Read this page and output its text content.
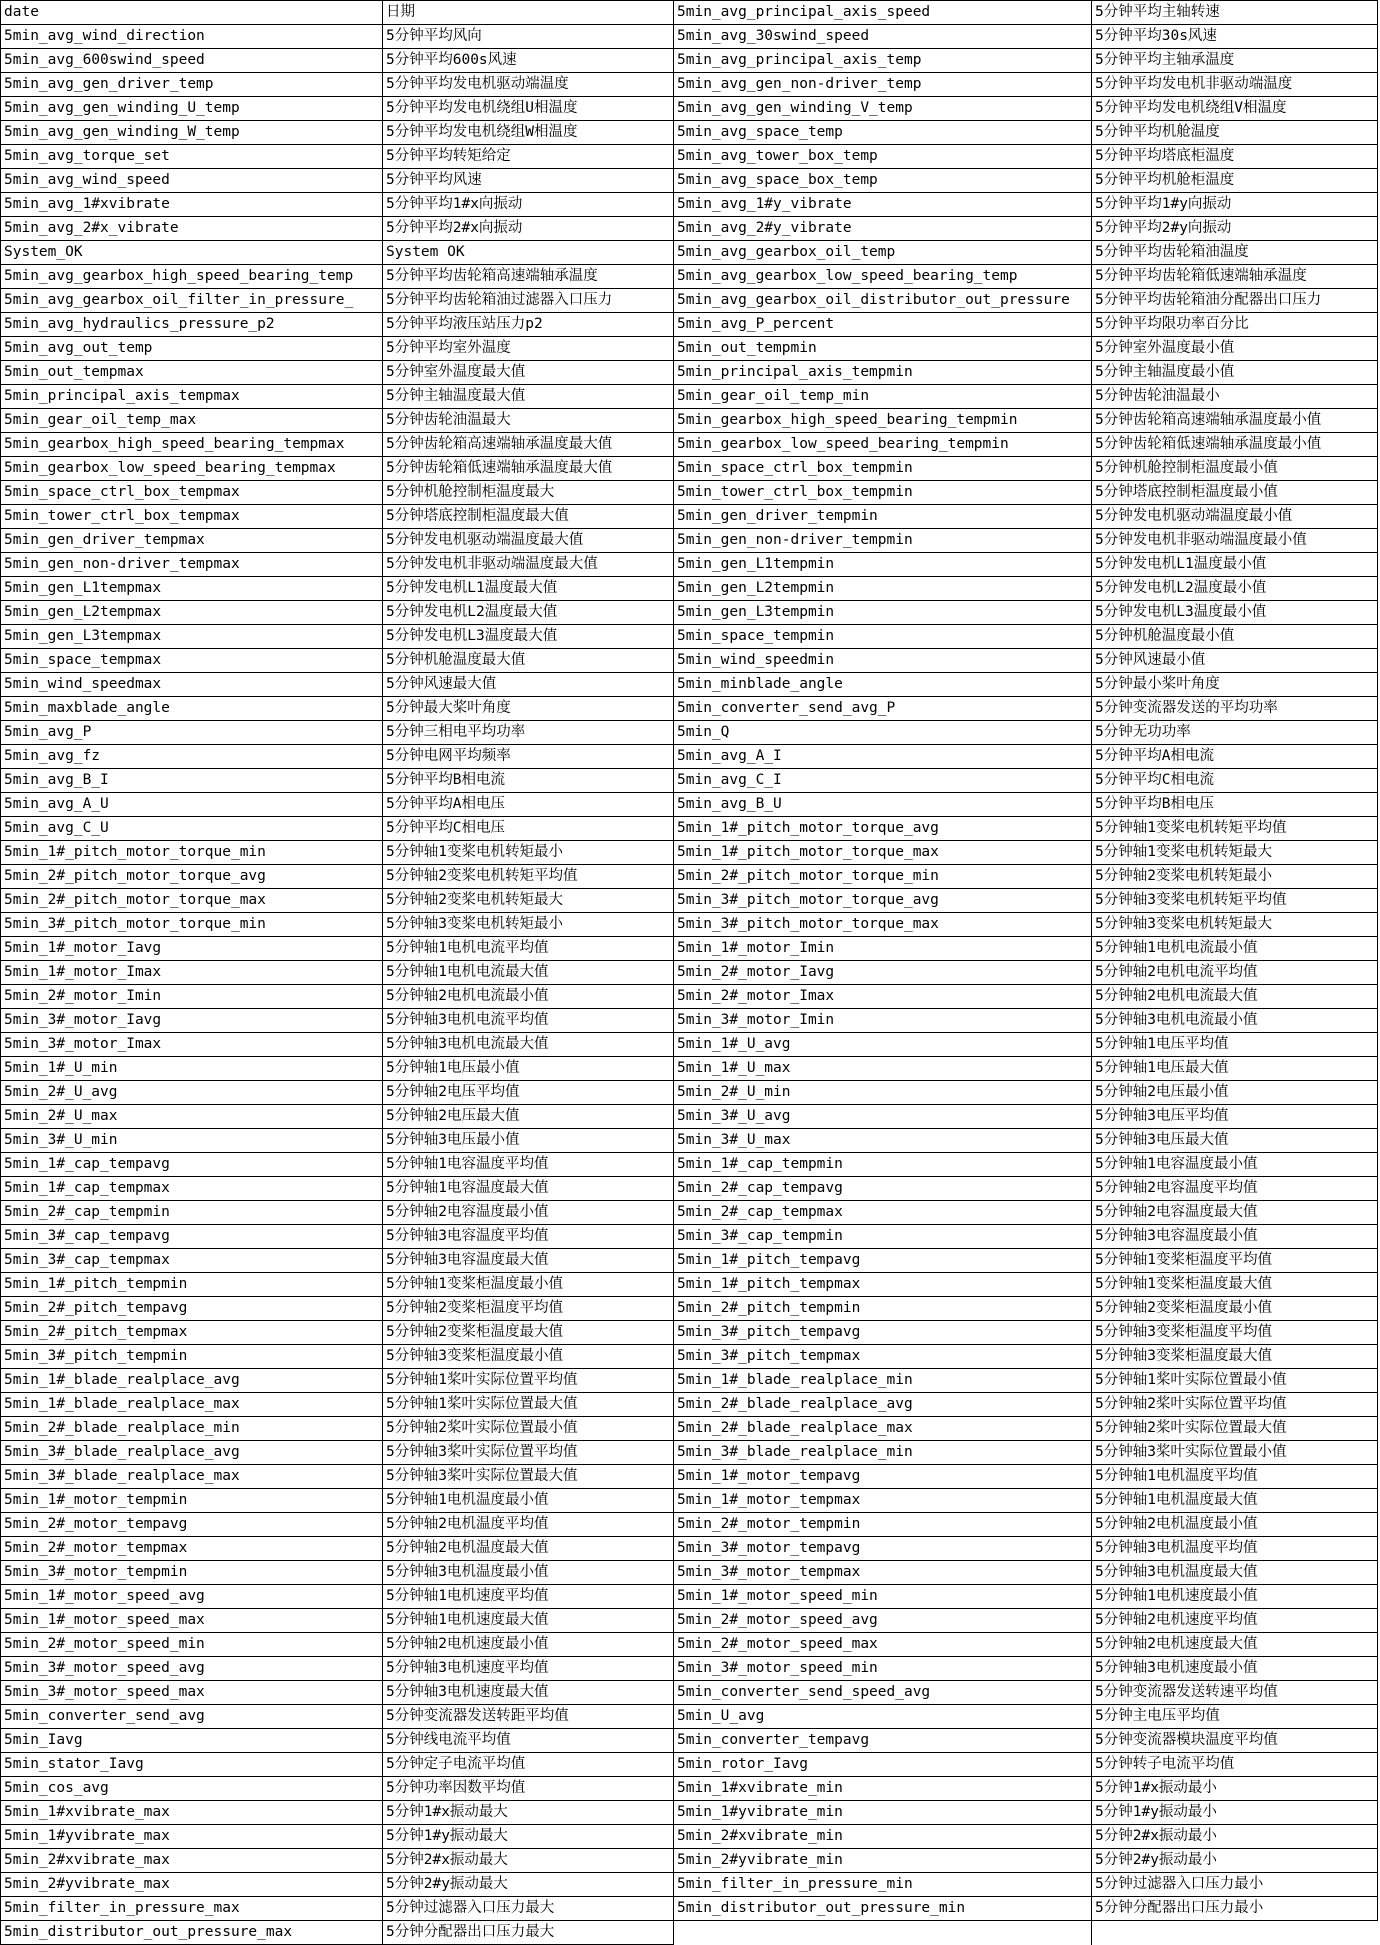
date	日期	5min_avg_principal_axis_speed	5分钟平均主轴转速
5min_avg_wind_direction	5分钟平均风向	5min_avg_30swind_speed	5分钟平均30s风速
5min_avg_600swind_speed	5分钟平均600s风速	5min_avg_principal_axis_temp	5分钟平均主轴承温度
5min_avg_gen_driver_temp	5分钟平均发电机驱动端温度	5min_avg_gen_non-driver_temp	5分钟平均发电机非驱动端温度
5min_avg_gen_winding_U_temp	5分钟平均发电机绕组U相温度	5min_avg_gen_winding_V_temp	5分钟平均发电机绕组V相温度
5min_avg_gen_winding_W_temp	5分钟平均发电机绕组W相温度	5min_avg_space_temp	5分钟平均机舱温度
5min_avg_torque_set	5分钟平均转矩给定	5min_avg_tower_box_temp	5分钟平均塔底柜温度
5min_avg_wind_speed	5分钟平均风速	5min_avg_space_box_temp	5分钟平均机舱柜温度
5min_avg_1#xvibrate	5分钟平均1#x向振动	5min_avg_1#y_vibrate	5分钟平均1#y向振动
5min_avg_2#x_vibrate	5分钟平均2#x向振动	5min_avg_2#y_vibrate	5分钟平均2#y向振动
System_OK	System OK	5min_avg_gearbox_oil_temp	5分钟平均齿轮箱油温度
5min_avg_gearbox_high_speed_bearing_temp	5分钟平均齿轮箱高速端轴承温度	5min_avg_gearbox_low_speed_bearing_temp	5分钟平均齿轮箱低速端轴承温度
5min_avg_gearbox_oil_filter_in_pressure_	5分钟平均齿轮箱油过滤器入口压力	5min_avg_gearbox_oil_distributor_out_pressure	5分钟平均齿轮箱油分配器出口压力
5min_avg_hydraulics_pressure_p2	5分钟平均液压站压力p2	5min_avg_P_percent	5分钟平均限功率百分比
5min_avg_out_temp	5分钟平均室外温度	5min_out_tempmin	5分钟室外温度最小值
5min_out_tempmax	5分钟室外温度最大值	5min_principal_axis_tempmin	5分钟主轴温度最小值
5min_principal_axis_tempmax	5分钟主轴温度最大值	5min_gear_oil_temp_min	5分钟齿轮油温最小
5min_gear_oil_temp_max	5分钟齿轮油温最大	5min_gearbox_high_speed_bearing_tempmin	5分钟齿轮箱高速端轴承温度最小值
5min_gearbox_high_speed_bearing_tempmax	5分钟齿轮箱高速端轴承温度最大值	5min_gearbox_low_speed_bearing_tempmin	5分钟齿轮箱低速端轴承温度最小值
5min_gearbox_low_speed_bearing_tempmax	5分钟齿轮箱低速端轴承温度最大值	5min_space_ctrl_box_tempmin	5分钟机舱控制柜温度最小值
5min_space_ctrl_box_tempmax	5分钟机舱控制柜温度最大	5min_tower_ctrl_box_tempmin	5分钟塔底控制柜温度最小值
5min_tower_ctrl_box_tempmax	5分钟塔底控制柜温度最大值	5min_gen_driver_tempmin	5分钟发电机驱动端温度最小值
5min_gen_driver_tempmax	5分钟发电机驱动端温度最大值	5min_gen_non-driver_tempmin	5分钟发电机非驱动端温度最小值
5min_gen_non-driver_tempmax	5分钟发电机非驱动端温度最大值	5min_gen_L1tempmin	5分钟发电机L1温度最小值
5min_gen_L1tempmax	5分钟发电机L1温度最大值	5min_gen_L2tempmin	5分钟发电机L2温度最小值
5min_gen_L2tempmax	5分钟发电机L2温度最大值	5min_gen_L3tempmin	5分钟发电机L3温度最小值
5min_gen_L3tempmax	5分钟发电机L3温度最大值	5min_space_tempmin	5分钟机舱温度最小值
5min_space_tempmax	5分钟机舱温度最大值	5min_wind_speedmin	5分钟风速最小值
5min_wind_speedmax	5分钟风速最大值	5min_minblade_angle	5分钟最小桨叶角度
5min_maxblade_angle	5分钟最大桨叶角度	5min_converter_send_avg_P	5分钟变流器发送的平均功率
5min_avg_P	5分钟三相电平均功率	5min_Q	5分钟无功功率
5min_avg_fz	5分钟电网平均频率	5min_avg_A_I	5分钟平均A相电流
5min_avg_B_I	5分钟平均B相电流	5min_avg_C_I	5分钟平均C相电流
5min_avg_A_U	5分钟平均A相电压	5min_avg_B_U	5分钟平均B相电压
5min_avg_C_U	5分钟平均C相电压	5min_1#_pitch_motor_torque_avg	5分钟轴1变桨电机转矩平均值
5min_1#_pitch_motor_torque_min	5分钟轴1变桨电机转矩最小	5min_1#_pitch_motor_torque_max	5分钟轴1变桨电机转矩最大
5min_2#_pitch_motor_torque_avg	5分钟轴2变桨电机转矩平均值	5min_2#_pitch_motor_torque_min	5分钟轴2变桨电机转矩最小
5min_2#_pitch_motor_torque_max	5分钟轴2变桨电机转矩最大	5min_3#_pitch_motor_torque_avg	5分钟轴3变桨电机转矩平均值
5min_3#_pitch_motor_torque_min	5分钟轴3变桨电机转矩最小	5min_3#_pitch_motor_torque_max	5分钟轴3变桨电机转矩最大
5min_1#_motor_Iavg	5分钟轴1电机电流平均值	5min_1#_motor_Imin	5分钟轴1电机电流最小值
5min_1#_motor_Imax	5分钟轴1电机电流最大值	5min_2#_motor_Iavg	5分钟轴2电机电流平均值
5min_2#_motor_Imin	5分钟轴2电机电流最小值	5min_2#_motor_Imax	5分钟轴2电机电流最大值
5min_3#_motor_Iavg	5分钟轴3电机电流平均值	5min_3#_motor_Imin	5分钟轴3电机电流最小值
5min_3#_motor_Imax	5分钟轴3电机电流最大值	5min_1#_U_avg	5分钟轴1电压平均值
5min_1#_U_min	5分钟轴1电压最小值	5min_1#_U_max	5分钟轴1电压最大值
5min_2#_U_avg	5分钟轴2电压平均值	5min_2#_U_min	5分钟轴2电压最小值
5min_2#_U_max	5分钟轴2电压最大值	5min_3#_U_avg	5分钟轴3电压平均值
5min_3#_U_min	5分钟轴3电压最小值	5min_3#_U_max	5分钟轴3电压最大值
5min_1#_cap_tempavg	5分钟轴1电容温度平均值	5min_1#_cap_tempmin	5分钟轴1电容温度最小值
5min_1#_cap_tempmax	5分钟轴1电容温度最大值	5min_2#_cap_tempavg	5分钟轴2电容温度平均值
5min_2#_cap_tempmin	5分钟轴2电容温度最小值	5min_2#_cap_tempmax	5分钟轴2电容温度最大值
5min_3#_cap_tempavg	5分钟轴3电容温度平均值	5min_3#_cap_tempmin	5分钟轴3电容温度最小值
5min_3#_cap_tempmax	5分钟轴3电容温度最大值	5min_1#_pitch_tempavg	5分钟轴1变桨柜温度平均值
5min_1#_pitch_tempmin	5分钟轴1变桨柜温度最小值	5min_1#_pitch_tempmax	5分钟轴1变桨柜温度最大值
5min_2#_pitch_tempavg	5分钟轴2变桨柜温度平均值	5min_2#_pitch_tempmin	5分钟轴2变桨柜温度最小值
5min_2#_pitch_tempmax	5分钟轴2变桨柜温度最大值	5min_3#_pitch_tempavg	5分钟轴3变桨柜温度平均值
5min_3#_pitch_tempmin	5分钟轴3变桨柜温度最小值	5min_3#_pitch_tempmax	5分钟轴3变桨柜温度最大值
5min_1#_blade_realplace_avg	5分钟轴1桨叶实际位置平均值	5min_1#_blade_realplace_min	5分钟轴1桨叶实际位置最小值
5min_1#_blade_realplace_max	5分钟轴1桨叶实际位置最大值	5min_2#_blade_realplace_avg	5分钟轴2桨叶实际位置平均值
5min_2#_blade_realplace_min	5分钟轴2桨叶实际位置最小值	5min_2#_blade_realplace_max	5分钟轴2桨叶实际位置最大值
5min_3#_blade_realplace_avg	5分钟轴3桨叶实际位置平均值	5min_3#_blade_realplace_min	5分钟轴3桨叶实际位置最小值
5min_3#_blade_realplace_max	5分钟轴3桨叶实际位置最大值	5min_1#_motor_tempavg	5分钟轴1电机温度平均值
5min_1#_motor_tempmin	5分钟轴1电机温度最小值	5min_1#_motor_tempmax	5分钟轴1电机温度最大值
5min_2#_motor_tempavg	5分钟轴2电机温度平均值	5min_2#_motor_tempmin	5分钟轴2电机温度最小值
5min_2#_motor_tempmax	5分钟轴2电机温度最大值	5min_3#_motor_tempavg	5分钟轴3电机温度平均值
5min_3#_motor_tempmin	5分钟轴3电机温度最小值	5min_3#_motor_tempmax	5分钟轴3电机温度最大值
5min_1#_motor_speed_avg	5分钟轴1电机速度平均值	5min_1#_motor_speed_min	5分钟轴1电机速度最小值
5min_1#_motor_speed_max	5分钟轴1电机速度最大值	5min_2#_motor_speed_avg	5分钟轴2电机速度平均值
5min_2#_motor_speed_min	5分钟轴2电机速度最小值	5min_2#_motor_speed_max	5分钟轴2电机速度最大值
5min_3#_motor_speed_avg	5分钟轴3电机速度平均值	5min_3#_motor_speed_min	5分钟轴3电机速度最小值
5min_3#_motor_speed_max	5分钟轴3电机速度最大值	5min_converter_send_speed_avg	5分钟变流器发送转速平均值
5min_converter_send_avg	5分钟变流器发送转距平均值	5min_U_avg	5分钟主电压平均值
5min_Iavg	5分钟线电流平均值	5min_converter_tempavg	5分钟变流器模块温度平均值
5min_stator_Iavg	5分钟定子电流平均值	5min_rotor_Iavg	5分钟转子电流平均值
5min_cos_avg	5分钟功率因数平均值	5min_1#xvibrate_min	5分钟1#x振动最小
5min_1#xvibrate_max	5分钟1#x振动最大	5min_1#yvibrate_min	5分钟1#y振动最小
5min_1#yvibrate_max	5分钟1#y振动最大	5min_2#xvibrate_min	5分钟2#x振动最小
5min_2#xvibrate_max	5分钟2#x振动最大	5min_2#yvibrate_min	5分钟2#y振动最小
5min_2#yvibrate_max	5分钟2#y振动最大	5min_filter_in_pressure_min	5分钟过滤器入口压力最小
5min_filter_in_pressure_max	5分钟过滤器入口压力最大	5min_distributor_out_pressure_min	5分钟分配器出口压力最小
5min_distributor_out_pressure_max	5分钟分配器出口压力最大		
